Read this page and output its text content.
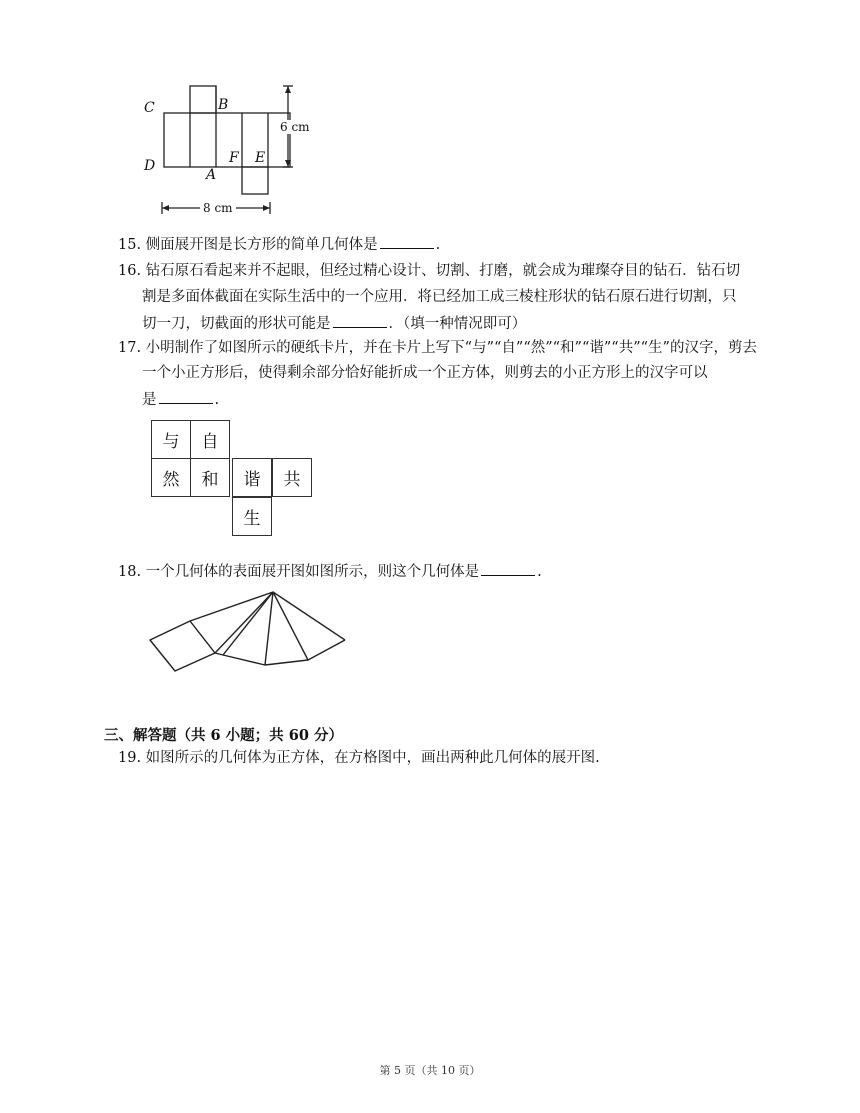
C	B
D	F E
A
6 cm
8 cm
15. 侧面展开图是长方形的简单几何体是	.
16. 钻石原石看起来并不起眼，但经过精心设计、切割、打磨，就会成为璀璨夺目的钻石．钻石切
割是多面体截面在实际生活中的一个应用．将已经加工成三棱柱形状的钻石原石进行切割，只
切一刀，切截面的形状可能是	．（填一种情况即可）
17. 小明制作了如图所示的硬纸卡片，并在卡片上写下“与”“自”“然”“和”“谐”“共”“生”的汉字，剪去
一个小正方形后，使得剩余部分恰好能折成一个正方体，则剪去的小正方形上的汉字可以
是	.
与	自
然	和	谐	共
生
18. 一个几何体的表面展开图如图所示，则这个几何体是	.
三、解答题（共 6 小题；共 60 分）
19. 如图所示的几何体为正方体，在方格图中，画出两种此几何体的展开图.
第 5 页（共 10 页）
